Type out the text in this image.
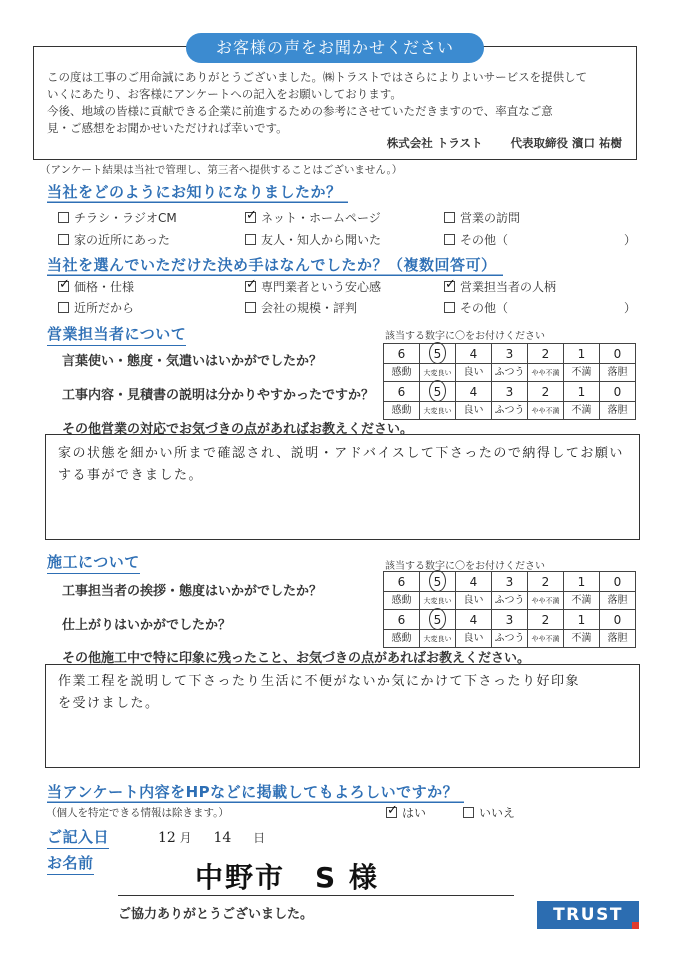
この度は工事のご用命誠にありがとうございました。㈱トラストではさらによりよいサービスを提供して
いくにあたり、お客様にアンケートへの記入をお願いしております。
今後、地域の皆様に貢献できる企業に前進するための参考にさせていただきますので、率直なご意
見・ご感想をお聞かせいただければ幸いです。
株式会社 トラスト 代表取締役 濱口 祐樹
お客様の声をお聞かせください
（アンケート結果は当社で管理し、第三者へ提供することはございません。）
当社をどのようにお知りになりましたか？
チラシ・ラジオCM ✓	ネット・ホームページ	営業の訪問
家の近所にあった	友人・知人から聞いた	その他（	）
当社を選んでいただけた決め手はなんでしたか？（複数回答可）
✓価格・仕様 ✓	専門業者という安心感 ✓	営業担当者の人柄
近所だから	会社の規模・評判	その他（	）
営業担当者について	該当する数字に〇をお付けください
言葉使い・態度・気遣いはいかがでしたか？
工事内容・見積書の説明は分かりやすかったですか？
6	5	4	3	2	1	0
感動	大変良い	良い	ふつう	やや不満	不満	落胆
6	5	4	3	2	1	0
感動	大変良い	良い	ふつう	やや不満	不満	落胆
その他営業の対応でお気づきの点があればお教えください。
家の状態を細かい所まで確認され、説明・アドバイスして下さったので納得してお願い
する事ができました。
施工について	該当する数字に〇をお付けください
工事担当者の挨拶・態度はいかがでしたか？
仕上がりはいかがでしたか？
6	5	4	3	2	1	0
感動	大変良い	良い	ふつう	やや不満	不満	落胆
6	5	4	3	2	1	0
感動	大変良い	良い	ふつう	やや不満	不満	落胆
その他施工中で特に印象に残ったこと、お気づきの点があればお教えください。
作業工程を説明して下さったり生活に不便がないか気にかけて下さったり好印象
を受けました。
当アンケート内容をHPなどに掲載してもよろしいですか？
（個人を特定できる情報は除きます。） ✓	はい	いいえ
ご記入日	12 月 14 日
お名前	中野市　S 様
ご協力ありがとうございました。	TRUST
